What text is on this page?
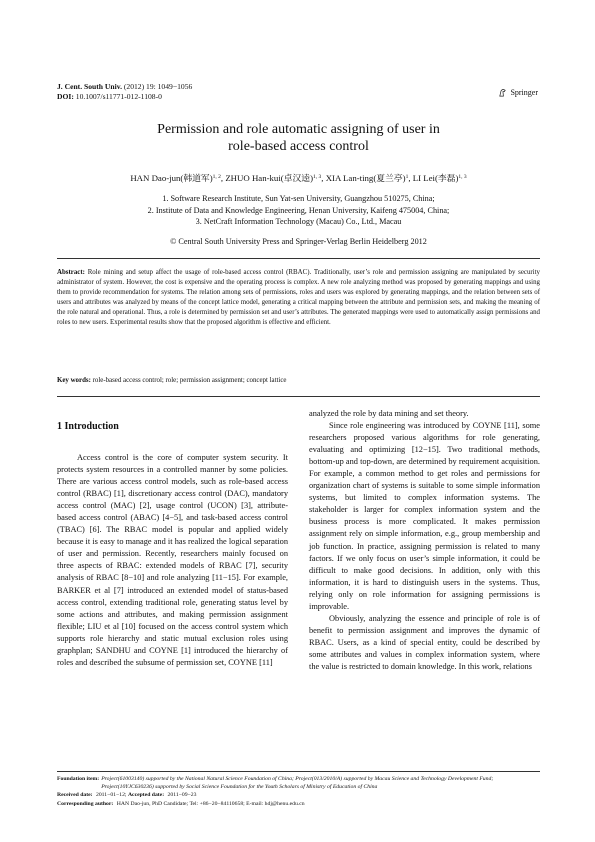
J. Cent. South Univ. (2012) 19: 1049−1056
DOI: 10.1007/s11771-012-1108-0	Springer
Permission and role automatic assigning of user in
role-based access control
HAN Dao-jun(韩道军)$^{1, 2}$, ZHUO Han-kui(卓汉逵)$^{1, 3}$, XIA Lan-ting(夏兰亭)$^1$, LI Lei(李磊)$^{1, 3}$
1. Software Research Institute, Sun Yat-sen University, Guangzhou 510275, China;
2. Institute of Data and Knowledge Engineering, Henan University, Kaifeng 475004, China;
3. NetCraft Information Technology (Macau) Co., Ltd., Macau
© Central South University Press and Springer-Verlag Berlin Heidelberg 2012
Abstract: Role mining and setup affect the usage of role-based access control (RBAC). Traditionally, user’s role and permission assigning are manipulated by security administrator of system. However, the cost is expensive and the operating process is complex. A new role analyzing method was proposed by generating mappings and using them to provide recommendation for systems. The relation among sets of permissions, roles and users was explored by generating mappings, and the relation between sets of users and attributes was analyzed by means of the concept lattice model, generating a critical mapping between the attribute and permission sets, and making the meaning of the role natural and operational. Thus, a role is determined by permission set and user’s attributes. The generated mappings were used to automatically assign permissions and roles to new users. Experimental results show that the proposed algorithm is effective and efficient.
Key words: role-based access control; role; permission assignment; concept lattice
1 Introduction

Access control is the core of computer system security. It protects system resources in a controlled manner by some policies. There are various access control models, such as role-based access control (RBAC) [1], discretionary access control (DAC), mandatory access control (MAC) [2], usage control (UCON) [3], attribute-based access control (ABAC) [4−5], and task-based access control (TBAC) [6]. The RBAC model is popular and applied widely because it is easy to manage and it has realized the logical separation of user and permission. Recently, researchers mainly focused on three aspects of RBAC: extended models of RBAC [7], security analysis of RBAC [8−10] and role analyzing [11−15]. For example, BARKER et al [7] introduced an extended model of status-based access control, extending traditional role, generating status level by some actions and attributes, and making permission assignment flexible; LIU et al [10] focused on the access control system which supports role hierarchy and static mutual exclusion roles using graphplan; SANDHU and COYNE [1] introduced the hierarchy of roles and described the subsume of permission set, COYNE [11]

analyzed the role by data mining and set theory.

Since role engineering was introduced by COYNE [11], some researchers proposed various algorithms for role generating, evaluating and optimizing [12−15]. Two traditional methods, bottom-up and top-down, are determined by requirement acquisition. For example, a common method to get roles and permissions for organization chart of systems is suitable to some simple information systems, but limited to complex information systems. The stakeholder is larger for complex information system and the business process is more complicated. It makes permission assignment rely on simple information, e.g., group membership and job function. In practice, assigning permission is related to many factors. If we only focus on user’s simple information, it could be difficult to make good decisions. In addition, only with this information, it is hard to distinguish users in the systems. Thus, relying only on role information for assigning permissions is improvable.

Obviously, analyzing the essence and principle of role is of benefit to permission assignment and improves the dynamic of RBAC. Users, as a kind of special entity, could be described by some attributes and values in complex information system, where the value is restricted to domain knowledge. In this work, relations

Foundation item: Project(61003140) supported by the National Natural Science Foundation of China; Project(013/2010/A) supported by Macau Science and Technology Development Fund; Project(10YJC630236) supported by Social Science Foundation for the Youth Scholars of Ministry of Education of China
Received date: 2011−01−12; Accepted date: 2011−09−23
Corresponding author: HAN Dao-jun, PhD Candidate; Tel: +86−20−84110658; E-mail: hdj@henu.edu.cn
